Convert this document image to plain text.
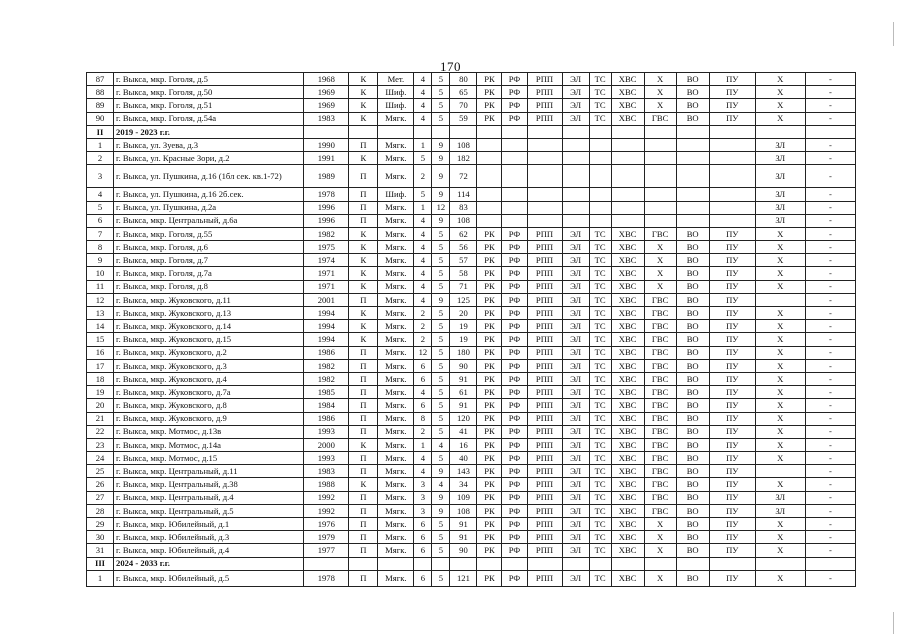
170
87	г. Выкса, мкр. Гоголя, д.5	1968	К	Мет.	4	5	80	РК	РФ	РПП	ЭЛ	ТС	ХВС	Х	ВО	ПУ	Х	-
88	г. Выкса, мкр. Гоголя, д.50	1969	К	Шиф.	4	5	65	РК	РФ	РПП	ЭЛ	ТС	ХВС	Х	ВО	ПУ	Х	-
89	г. Выкса, мкр. Гоголя, д.51	1969	К	Шиф.	4	5	70	РК	РФ	РПП	ЭЛ	ТС	ХВС	Х	ВО	ПУ	Х	-
90	г. Выкса, мкр. Гоголя, д.54а	1983	К	Мягк.	4	5	59	РК	РФ	РПП	ЭЛ	ТС	ХВС	ГВС	ВО	ПУ	Х	-
II	2019 - 2023 г.г.																	
1	г. Выкса, ул. Зуева, д.3	1990	П	Мягк.	1	9	108										ЗЛ	-
2	г. Выкса, ул. Красные Зори, д.2	1991	К	Мягк.	5	9	182										ЗЛ	-
3	г. Выкса, ул. Пушкина, д.16 (1бл сек. кв.1-72)	1989	П	Мягк.	2	9	72										ЗЛ	-
4	г. Выкса, ул. Пушкина, д.16 2б.сек.	1978	П	Шиф.	5	9	114										ЗЛ	-
5	г. Выкса, ул. Пушкина, д.2а	1996	П	Мягк.	1	12	83										ЗЛ	-
6	г. Выкса, мкр. Центральный, д.6а	1996	П	Мягк.	4	9	108										ЗЛ	-
7	г. Выкса, мкр. Гоголя, д.55	1982	К	Мягк.	4	5	62	РК	РФ	РПП	ЭЛ	ТС	ХВС	ГВС	ВО	ПУ	Х	-
8	г. Выкса, мкр. Гоголя, д.6	1975	К	Мягк.	4	5	56	РК	РФ	РПП	ЭЛ	ТС	ХВС	Х	ВО	ПУ	Х	-
9	г. Выкса, мкр. Гоголя, д.7	1974	К	Мягк.	4	5	57	РК	РФ	РПП	ЭЛ	ТС	ХВС	Х	ВО	ПУ	Х	-
10	г. Выкса, мкр. Гоголя, д.7а	1971	К	Мягк.	4	5	58	РК	РФ	РПП	ЭЛ	ТС	ХВС	Х	ВО	ПУ	Х	-
11	г. Выкса, мкр. Гоголя, д.8	1971	К	Мягк.	4	5	71	РК	РФ	РПП	ЭЛ	ТС	ХВС	Х	ВО	ПУ	Х	-
12	г. Выкса, мкр. Жуковского, д.11	2001	П	Мягк.	4	9	125	РК	РФ	РПП	ЭЛ	ТС	ХВС	ГВС	ВО	ПУ		-
13	г. Выкса, мкр. Жуковского, д.13	1994	К	Мягк.	2	5	20	РК	РФ	РПП	ЭЛ	ТС	ХВС	ГВС	ВО	ПУ	Х	-
14	г. Выкса, мкр. Жуковского, д.14	1994	К	Мягк.	2	5	19	РК	РФ	РПП	ЭЛ	ТС	ХВС	ГВС	ВО	ПУ	Х	-
15	г. Выкса, мкр. Жуковского, д.15	1994	К	Мягк.	2	5	19	РК	РФ	РПП	ЭЛ	ТС	ХВС	ГВС	ВО	ПУ	Х	-
16	г. Выкса, мкр. Жуковского, д.2	1986	П	Мягк.	12	5	180	РК	РФ	РПП	ЭЛ	ТС	ХВС	ГВС	ВО	ПУ	Х	-
17	г. Выкса, мкр. Жуковского, д.3	1982	П	Мягк.	6	5	90	РК	РФ	РПП	ЭЛ	ТС	ХВС	ГВС	ВО	ПУ	Х	-
18	г. Выкса, мкр. Жуковского, д.4	1982	П	Мягк.	6	5	91	РК	РФ	РПП	ЭЛ	ТС	ХВС	ГВС	ВО	ПУ	Х	-
19	г. Выкса, мкр. Жуковского, д.7а	1985	П	Мягк.	4	5	61	РК	РФ	РПП	ЭЛ	ТС	ХВС	ГВС	ВО	ПУ	Х	-
20	г. Выкса, мкр. Жуковского, д.8	1984	П	Мягк.	6	5	91	РК	РФ	РПП	ЭЛ	ТС	ХВС	ГВС	ВО	ПУ	Х	-
21	г. Выкса, мкр. Жуковского, д.9	1986	П	Мягк.	8	5	120	РК	РФ	РПП	ЭЛ	ТС	ХВС	ГВС	ВО	ПУ	Х	-
22	г. Выкса, мкр. Мотмос, д.13в	1993	П	Мягк.	2	5	41	РК	РФ	РПП	ЭЛ	ТС	ХВС	ГВС	ВО	ПУ	Х	-
23	г. Выкса, мкр. Мотмос, д.14а	2000	К	Мягк.	1	4	16	РК	РФ	РПП	ЭЛ	ТС	ХВС	ГВС	ВО	ПУ	Х	-
24	г. Выкса, мкр. Мотмос, д.15	1993	П	Мягк.	4	5	40	РК	РФ	РПП	ЭЛ	ТС	ХВС	ГВС	ВО	ПУ	Х	-
25	г. Выкса, мкр. Центральный, д.11	1983	П	Мягк.	4	9	143	РК	РФ	РПП	ЭЛ	ТС	ХВС	ГВС	ВО	ПУ		-
26	г. Выкса, мкр. Центральный, д.38	1988	К	Мягк.	3	4	34	РК	РФ	РПП	ЭЛ	ТС	ХВС	ГВС	ВО	ПУ	Х	-
27	г. Выкса, мкр. Центральный, д.4	1992	П	Мягк.	3	9	109	РК	РФ	РПП	ЭЛ	ТС	ХВС	ГВС	ВО	ПУ	ЗЛ	-
28	г. Выкса, мкр. Центральный, д.5	1992	П	Мягк.	3	9	108	РК	РФ	РПП	ЭЛ	ТС	ХВС	ГВС	ВО	ПУ	ЗЛ	-
29	г. Выкса, мкр. Юбилейный, д.1	1976	П	Мягк.	6	5	91	РК	РФ	РПП	ЭЛ	ТС	ХВС	Х	ВО	ПУ	Х	-
30	г. Выкса, мкр. Юбилейный, д.3	1979	П	Мягк.	6	5	91	РК	РФ	РПП	ЭЛ	ТС	ХВС	Х	ВО	ПУ	Х	-
31	г. Выкса, мкр. Юбилейный, д.4	1977	П	Мягк.	6	5	90	РК	РФ	РПП	ЭЛ	ТС	ХВС	Х	ВО	ПУ	Х	-
III	2024 - 2033 г.г.																	
1	г. Выкса, мкр. Юбилейный, д.5	1978	П	Мягк.	6	5	121	РК	РФ	РПП	ЭЛ	ТС	ХВС	Х	ВО	ПУ	Х	-
